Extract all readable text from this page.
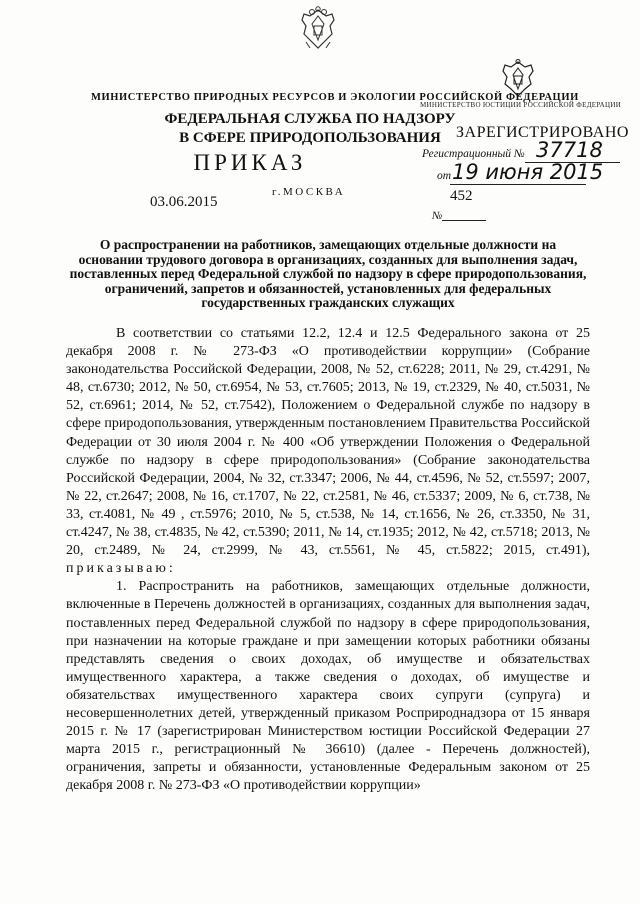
МИНИСТЕРСТВО ПРИРОДНЫХ РЕСУРСОВ И ЭКОЛОГИИ РОССИЙСКОЙ ФЕДЕРАЦИИ
МИНИСТЕРСТВО ЮСТИЦИИ РОССИЙСКОЙ ФЕДЕРАЦИИ
ФЕДЕРАЛЬНАЯ СЛУЖБА ПО НАДЗОРУ
В СФЕРЕ ПРИРОДОПОЛЬЗОВАНИЯ ЗАРЕГИСТРИРОВАНО
Регистрационный № 37718
от 19 июня 2015
ПРИКАЗ
г.МОСКВА
03.06.2015	452
№
О распространении на работников, замещающих отдельные должности на основании трудового договора в организациях, созданных для выполнения задач, поставленных перед Федеральной службой по надзору в сфере природопользования, ограничений, запретов и обязанностей, установленных для федеральных государственных гражданских служащих

В соответствии со статьями 12.2, 12.4 и 12.5 Федерального закона от 25 декабря 2008 г. № 273-ФЗ «О противодействии коррупции» (Собрание законодательства Российской Федерации, 2008, № 52, ст.6228; 2011, № 29, ст.4291, № 48, ст.6730; 2012, № 50, ст.6954, № 53, ст.7605; 2013, № 19, ст.2329, № 40, ст.5031, № 52, ст.6961; 2014, № 52, ст.7542), Положением о Федеральной службе по надзору в сфере природопользования, утвержденным постановлением Правительства Российской Федерации от 30 июля 2004 г. № 400 «Об утверждении Положения о Федеральной службе по надзору в сфере природопользования» (Собрание законодательства Российской Федерации, 2004, № 32, ст.3347; 2006, № 44, ст.4596, № 52, ст.5597; 2007, № 22, ст.2647; 2008, № 16, ст.1707, № 22, ст.2581, № 46, ст.5337; 2009, № 6, ст.738, № 33, ст.4081, № 49 , ст.5976; 2010, № 5, ст.538, № 14, ст.1656, № 26, ст.3350, № 31, ст.4247, № 38, ст.4835, № 42, ст.5390; 2011, № 14, ст.1935; 2012, № 42, ст.5718; 2013, № 20, ст.2489, № 24, ст.2999, № 43, ст.5561, № 45, ст.5822; 2015, ст.491), приказываю:

1. Распространить на работников, замещающих отдельные должности, включенные в Перечень должностей в организациях, созданных для выполнения задач, поставленных перед Федеральной службой по надзору в сфере природопользования, при назначении на которые граждане и при замещении которых работники обязаны представлять сведения о своих доходах, об имуществе и обязательствах имущественного характера, а также сведения о доходах, об имуществе и обязательствах имущественного характера своих супруги (супруга) и несовершеннолетних детей, утвержденный приказом Росприроднадзора от 15 января 2015 г. № 17 (зарегистрирован Министерством юстиции Российской Федерации 27 марта 2015 г., регистрационный № 36610) (далее - Перечень должностей), ограничения, запреты и обязанности, установленные Федеральным законом от 25 декабря 2008 г. № 273-ФЗ «О противодействии коррупции»
